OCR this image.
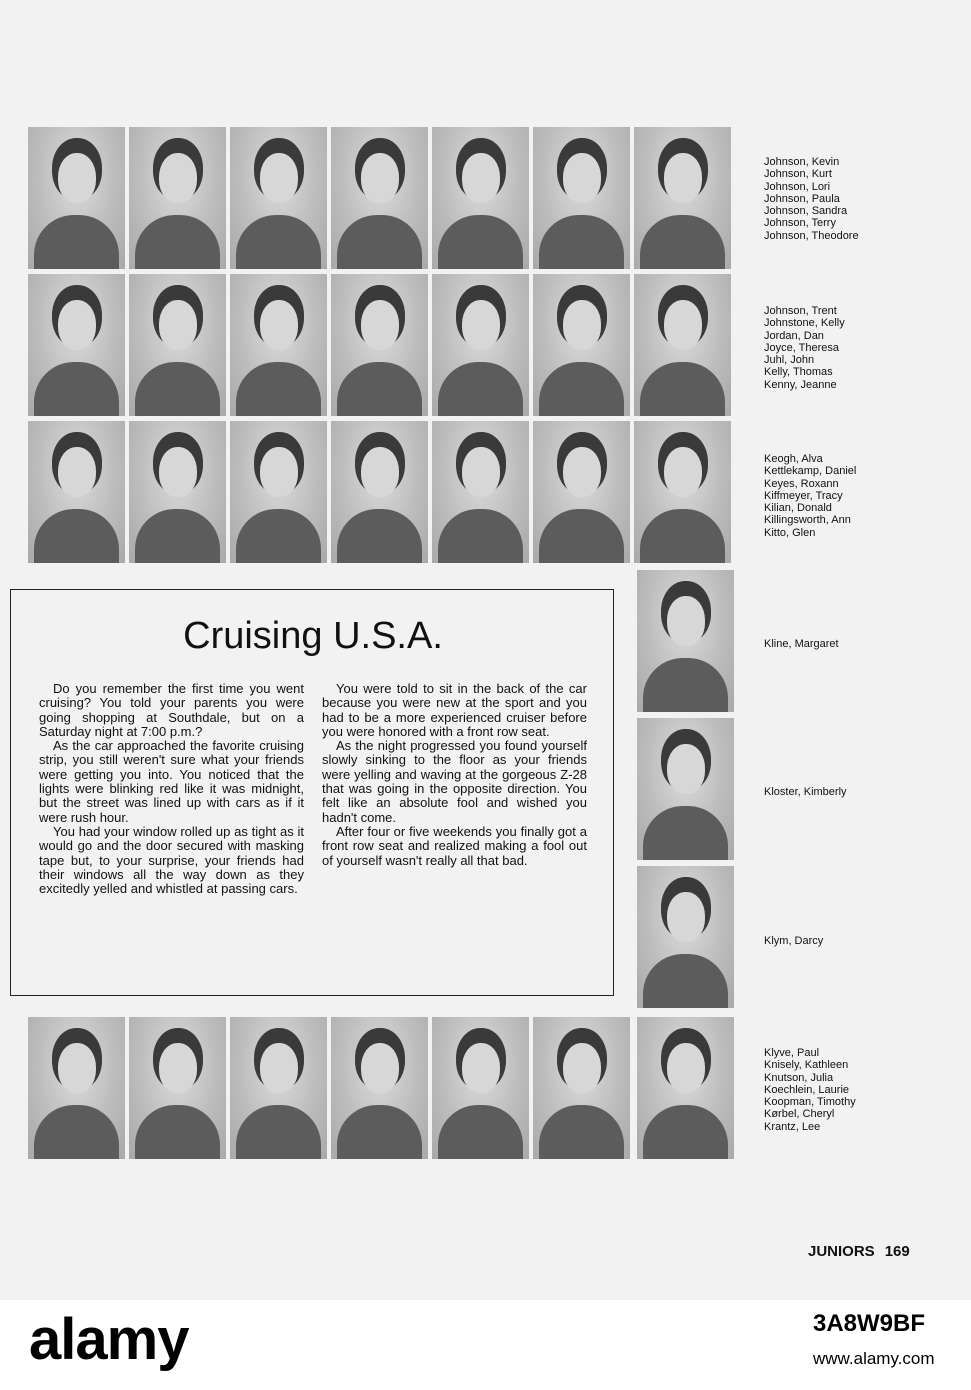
Johnson, Kevin
Johnson, Kurt
Johnson, Lori
Johnson, Paula
Johnson, Sandra
Johnson, Terry
Johnson, Theodore
Johnson, Trent
Johnstone, Kelly
Jordan, Dan
Joyce, Theresa
Juhl, John
Kelly, Thomas
Kenny, Jeanne
Keogh, Alva
Kettlekamp, Daniel
Keyes, Roxann
Kiffmeyer, Tracy
Kilian, Donald
Killingsworth, Ann
Kitto, Glen
Kline, Margaret
Kloster, Kimberly
Klym, Darcy
Klyve, Paul
Knisely, Kathleen
Knutson, Julia
Koechlein, Laurie
Koopman, Timothy
Kørbel, Cheryl
Krantz, Lee
Cruising U.S.A.

Do you remember the first time you went cruising? You told your parents you were going shopping at Southdale, but on a Saturday night at 7:00 p.m.?

As the car approached the favorite cruising strip, you still weren't sure what your friends were getting you into. You noticed that the lights were blinking red like it was midnight, but the street was lined up with cars as if it were rush hour.

You had your window rolled up as tight as it would go and the door secured with masking tape but, to your surprise, your friends had their windows all the way down as they excitedly yelled and whistled at passing cars.

You were told to sit in the back of the car because you were new at the sport and you had to be a more experienced cruiser before you were honored with a front row seat.

As the night progressed you found yourself slowly sinking to the floor as your friends were yelling and waving at the gorgeous Z-28 that was going in the opposite direction. You felt like an absolute fool and wished you hadn't come.

After four or five weekends you finally got a front row seat and realized making a fool out of yourself wasn't really all that bad.

JUNIORS 169
alamy	3A8W9BF
www.alamy.com
